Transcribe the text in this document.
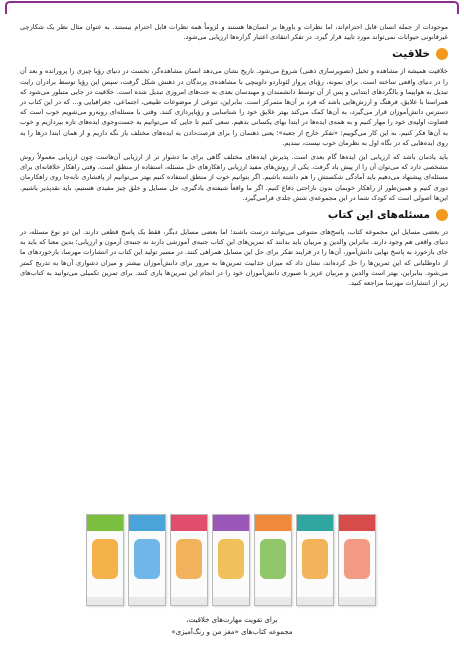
موجودات از جمله انسان قابل احترام‌اند، اما نظرات و باورها بر انسان‌ها هستند و لزوماً همه نظرات قابل احترام نیستند. به عنوان مثال نظر یک شکارچی غیرقانونی حیوانات نمی‌تواند مورد تایید قرار گیرد. در تفکر انتقادی اعتبار گزاره‌ها ارزیابی می‌شود.

خلاقیت

خلاقیت همیشه از مشاهده و تخیل (تصویرسازی ذهنی) شروع می‌شود. تاریخ نشان می‌دهد انسان مشاهده‌گر، نخست در دنیای رؤیا چیزی را پرورانده و بعد آن را در دنیای واقعی ساخته است. برای نمونه، رؤیای پرواز لئوناردو داوینچی با مشاهده‌ی پرندگان در ذهنش شکل گرفت، سپس این رؤیا توسط برادران رایت تبدیل به هواپیما و بالگردهای ابتدایی و پس از آن توسط دانشمندان و مهندسان بعدی به جت‌های امروزی تبدیل شده است. خلاقیت در جایی متبلور می‌شود که همراستا با علایق، فرهنگ و ارزش‌هایی باشد که فرد بر آن‌ها متمرکز است. بنابراین، تنوعی از موضوعات طبیعی، اجتماعی، جغرافیایی و... که در این کتاب در دسترس دانش‌آموزان قرار می‌گیرد، به آن‌ها کمک می‌کند بهتر علایق خود را شناسایی و رؤیاپردازی کنند. وقتی با مسئله‌ای روبه‌رو می‌شویم خوب است که قضاوت اولیه‌ی خود را مهار کنیم و به همه‌ی ایده‌ها در ابتدا بهای یکسانی بدهیم. سعی کنیم تا جایی که می‌توانیم به جست‌وجوی ایده‌های تازه بپردازیم و خوب به آن‌ها فکر کنیم. به این کار می‌گوییم: «تفکر خارج از جعبه»؛ یعنی ذهنمان را برای فرصت‌دادن به ایده‌های مختلف باز نگه داریم و از همان ابتدا درها را به روی ایده‌هایی که در نگاه اول به نظرمان خوب نیست، نبندیم.

باید یادمان باشد که ارزیابی این ایده‌ها گام بعدی است. پذیرش ایده‌های مختلف گاهی برای ما دشوار تر از ارزیابی آن‌هاست چون ارزیابی معمولاً روش مشخصی دارد که می‌توان آن را از پیش یاد گرفت. یکی از روش‌های مفید ارزیابی راهکارهای حل مسئله، استفاده از منطق است. وقتی راهکار خلاقانه‌ای برای مسئله‌ای پیشنهاد می‌دهیم باید آمادگی شکستش را هم داشته باشیم. اگر بتوانیم خوب از منطق استفاده کنیم بهتر می‌توانیم از پافشاری نابه‌جا روی راهکارمان دوری کنیم و همین‌طور از راهکار خوبمان بدون ناراحتی دفاع کنیم. اگر ما واقعاً شیفته‌ی یادگیری، حل مسایل و خلق چیز مفیدی هستیم، باید نقدپذیر باشیم. این‌ها اصولی است که کودک شما در این مجموعه‌ی شش جلدی فرامی‌گیرد.

مسئله‌های این کتاب

در بعضی مسایل این مجموعه کتاب، پاسخ‌های متنوعی می‌توانند درست باشند؛ اما بعضی مسایل دیگر، فقط یک پاسخ قطعی دارند. این دو نوع مسئله، در دنیای واقعی هم وجود دارند. بنابراین والدین و مربیان باید بدانند که تمرین‌های این کتاب جنبه‌ی آموزشی دارند نه جنبه‌ی آزمون و ارزیابی؛ بدین معنا که باید به جای بازخورد به پاسخ نهایی دانش‌آموز، آن‌ها را در فرایند تفکر برای حل این مسایل همراهی کنند. در مسیر تولید این کتاب در انتشارات مهرسا، بازخوردهای ما از داوطلبانی که این تمرین‌ها را حل کرده‌اند، نشان داد که میزان جذابیت تمرین‌ها به مرور برای دانش‌آموزان بیشتر و میزان دشواری آن‌ها به تدریج کمتر می‌شود. بنابراین، بهتر است والدین و مربیان عزیز با صبوری دانش‌آموزان خود را در انجام این تمرین‌ها یاری کنند. برای تمرین تکمیلی می‌توانید به کتاب‌های زیر از انتشارات مهرسا مراجعه کنید.

برای تقویت مهارت‌های خلاقیت،
مجموعه کتاب‌های «مغز من و رنگ‌آمیزی»
